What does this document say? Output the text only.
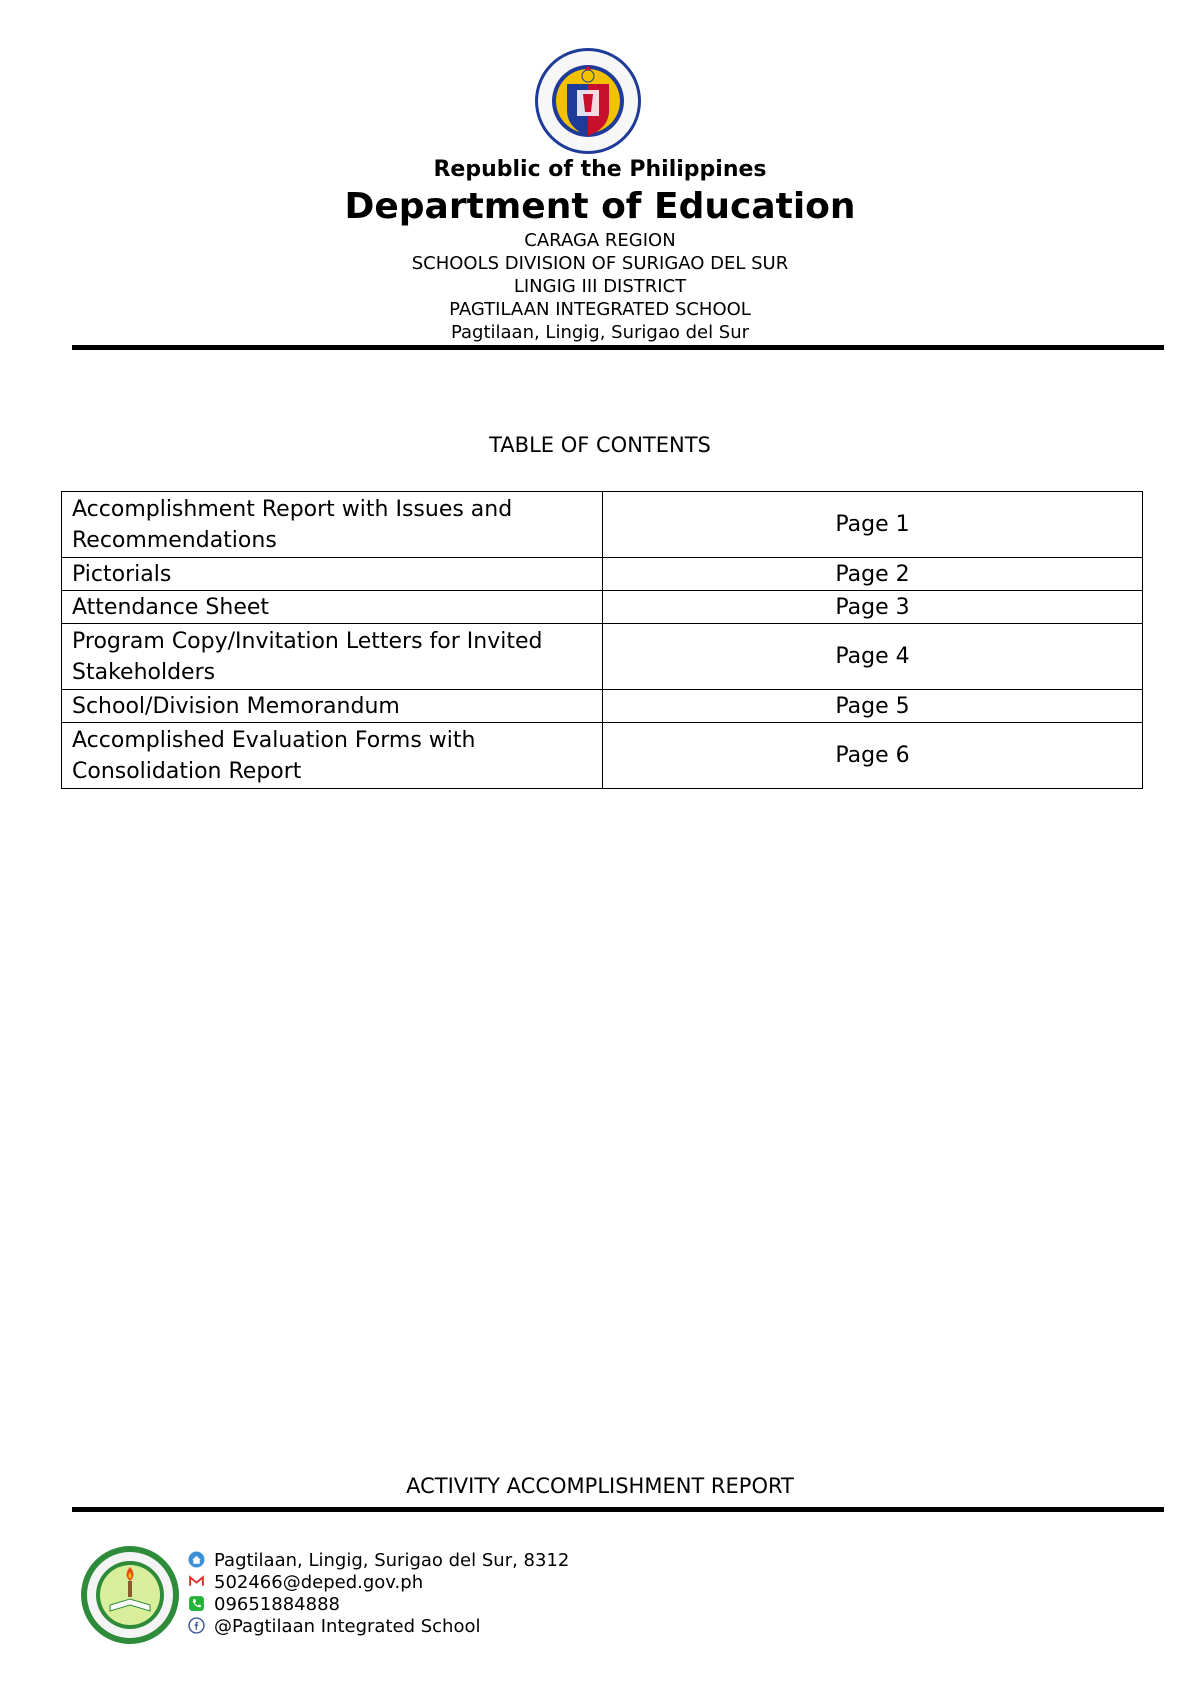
Republic of the Philippines
Department of Education
CARAGA REGION
SCHOOLS DIVISION OF SURIGAO DEL SUR
LINGIG III DISTRICT
PAGTILAAN INTEGRATED SCHOOL
Pagtilaan, Lingig, Surigao del Sur
TABLE OF CONTENTS
Accomplishment Report with Issues and Recommendations	Page 1
Pictorials	Page 2
Attendance Sheet	Page 3
Program Copy/Invitation Letters for Invited Stakeholders	Page 4
School/Division Memorandum	Page 5
Accomplished Evaluation Forms with Consolidation Report	Page 6
ACTIVITY ACCOMPLISHMENT REPORT
Pagtilaan, Lingig, Surigao del Sur, 8312
502466@deped.gov.ph
09651884888
@Pagtilaan Integrated School
